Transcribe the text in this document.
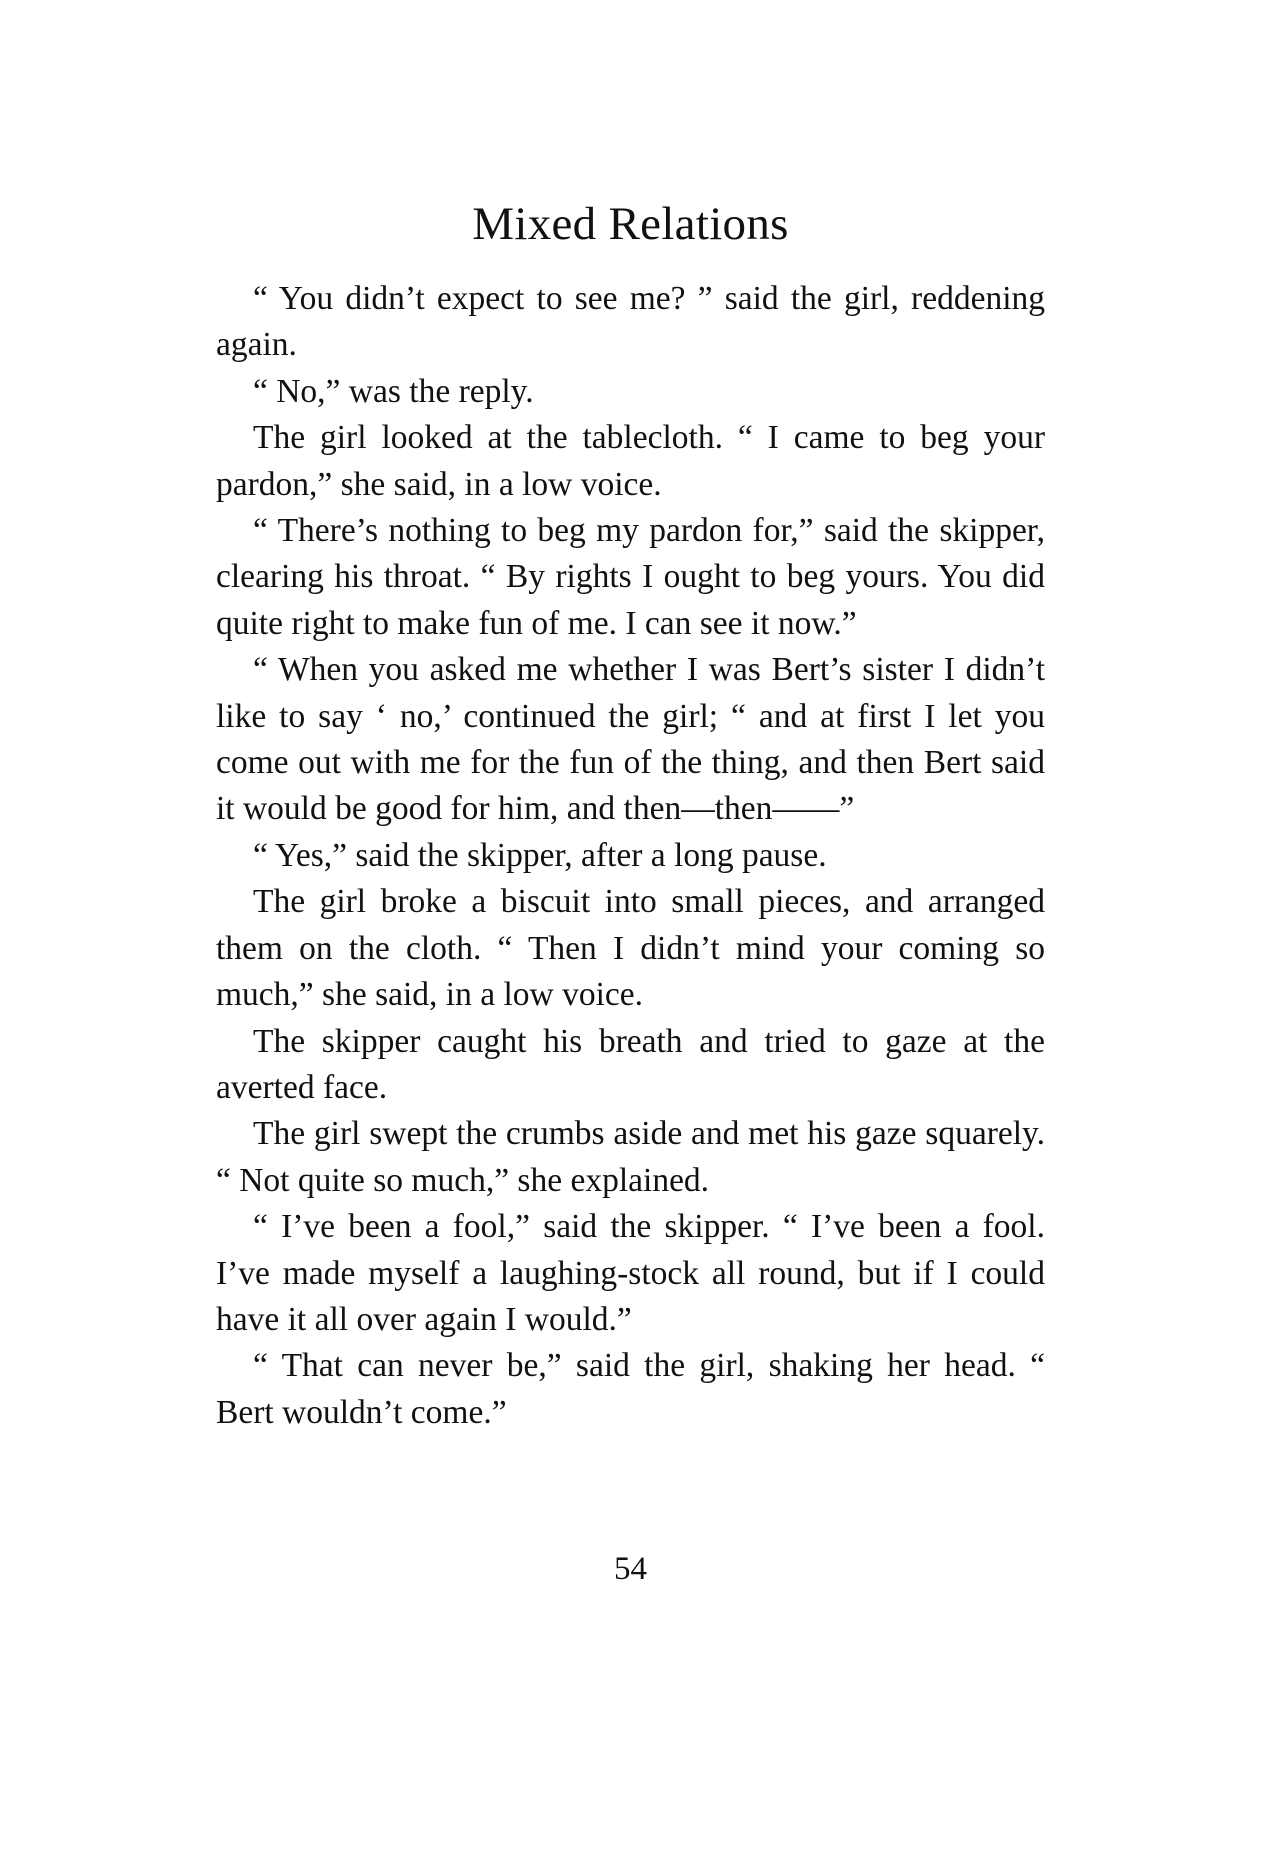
Mixed Relations

“ You didn’t expect to see me? ” said the girl, reddening again.

“ No,” was the reply.

The girl looked at the tablecloth. “ I came to beg your pardon,” she said, in a low voice.

“ There’s nothing to beg my pardon for,” said the skipper, clearing his throat. “ By rights I ought to beg yours. You did quite right to make fun of me. I can see it now.”

“ When you asked me whether I was Bert’s sister I didn’t like to say ‘ no,’ continued the girl; “ and at first I let you come out with me for the fun of the thing, and then Bert said it would be good for him, and then—then——”

“ Yes,” said the skipper, after a long pause.

The girl broke a biscuit into small pieces, and arranged them on the cloth. “ Then I didn’t mind your coming so much,” she said, in a low voice.

The skipper caught his breath and tried to gaze at the averted face.

The girl swept the crumbs aside and met his gaze squarely. “ Not quite so much,” she explained.

“ I’ve been a fool,” said the skipper. “ I’ve been a fool. I’ve made myself a laughing-stock all round, but if I could have it all over again I would.”

“ That can never be,” said the girl, shaking her head. “ Bert wouldn’t come.”

54
